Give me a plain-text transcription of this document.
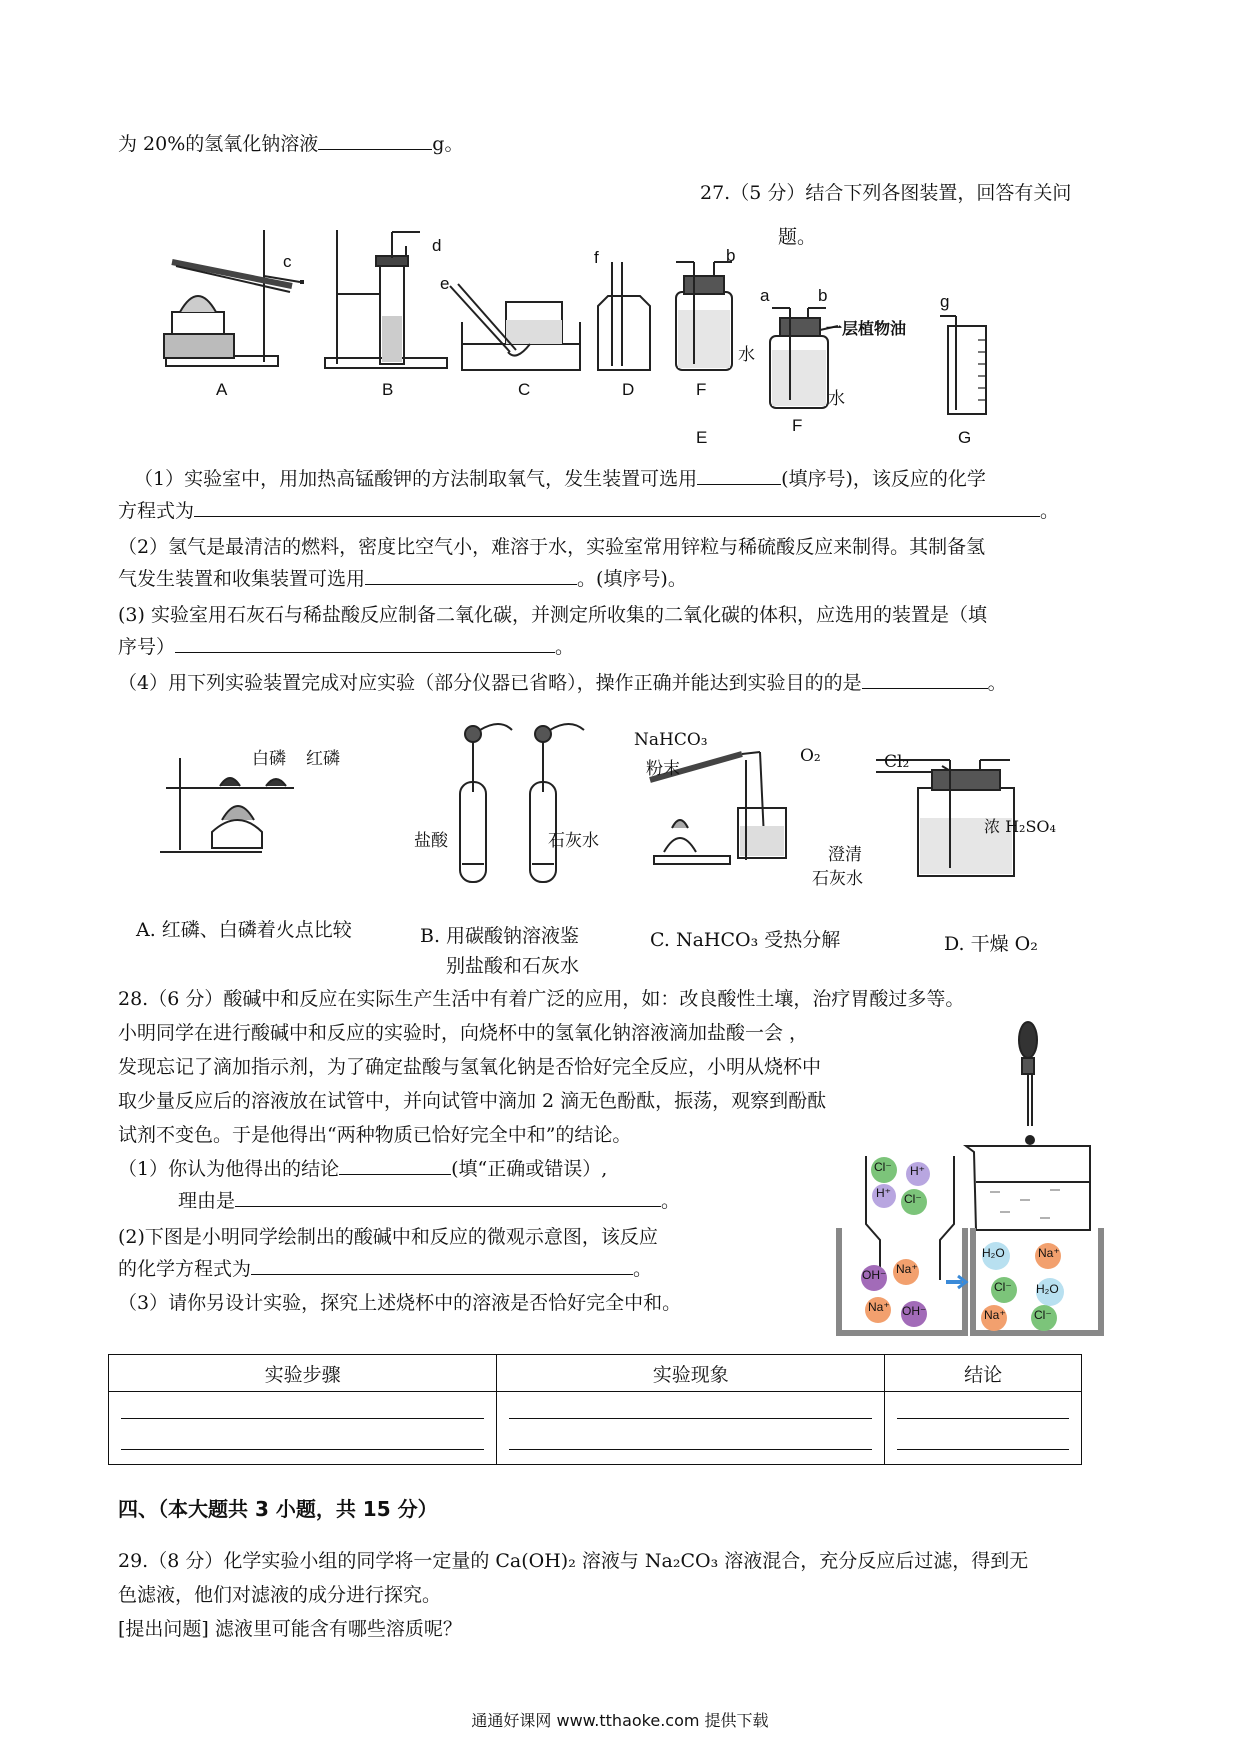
为 20%的氢氧化钠溶液	g。
27.（5 分）结合下列各图装置，回答有关问
题。
c
d
e
f	b
a	b	g
水
水
一层植物油
A	B	C	D	F
F
E	G
（1）实验室中，用加热高锰酸钾的方法制取氧气，发生装置可选用	(填序号)，该反应的化学
方程式为	。
（2）氢气是最清洁的燃料，密度比空气小，难溶于水，实验室常用锌粒与稀硫酸反应来制得。其制备氢
气发生装置和收集装置可选用	。(填序号)。
(3) 实验室用石灰石与稀盐酸反应制备二氧化碳，并测定所收集的二氧化碳的体积，应选用的装置是（填
序号）	。
（4）用下列实验装置完成对应实验（部分仪器已省略），操作正确并能达到实验目的的是	。
白磷 红磷
盐酸	石灰水
NaHCO₃
粉末
O₂
澄清
石灰水
Cl₂
浓 H₂SO₄
A. 红磷、白磷着火点比较	B. 用碳酸钠溶液鉴
别盐酸和石灰水
C. NaHCO₃ 受热分解	D. 干燥 O₂
28.（6 分）酸碱中和反应在实际生产生活中有着广泛的应用，如：改良酸性土壤，治疗胃酸过多等。
小明同学在进行酸碱中和反应的实验时，向烧杯中的氢氧化钠溶液滴加盐酸一会 ，
发现忘记了滴加指示剂，为了确定盐酸与氢氧化钠是否恰好完全反应，小明从烧杯中
取少量反应后的溶液放在试管中，并向试管中滴加 2 滴无色酚酞，振荡，观察到酚酞
试剂不变色。于是他得出“两种物质已恰好完全中和”的结论。
（1）你认为他得出的结论	(填“正确或错误）,
理由是	。
(2)下图是小明同学绘制出的酸碱中和反应的微观示意图，该反应
的化学方程式为	。
（3）请你另设计实验，探究上述烧杯中的溶液是否恰好完全中和。
Cl⁻ H⁺
H⁺ Cl⁻
OH⁻ Na⁺
Na⁺ OH⁻
H₂O	Na⁺
Cl⁻ H₂O
Na⁺ Cl⁻
实验步骤	实验现象	结论

四、（本大题共 3 小题，共 15 分）
29.（8 分）化学实验小组的同学将一定量的 Ca(OH)₂ 溶液与 Na₂CO₃ 溶液混合，充分反应后过滤，得到无
色滤液，他们对滤液的成分进行探究。
[提出问题] 滤液里可能含有哪些溶质呢？
通通好课网 www.tthaoke.com 提供下载
